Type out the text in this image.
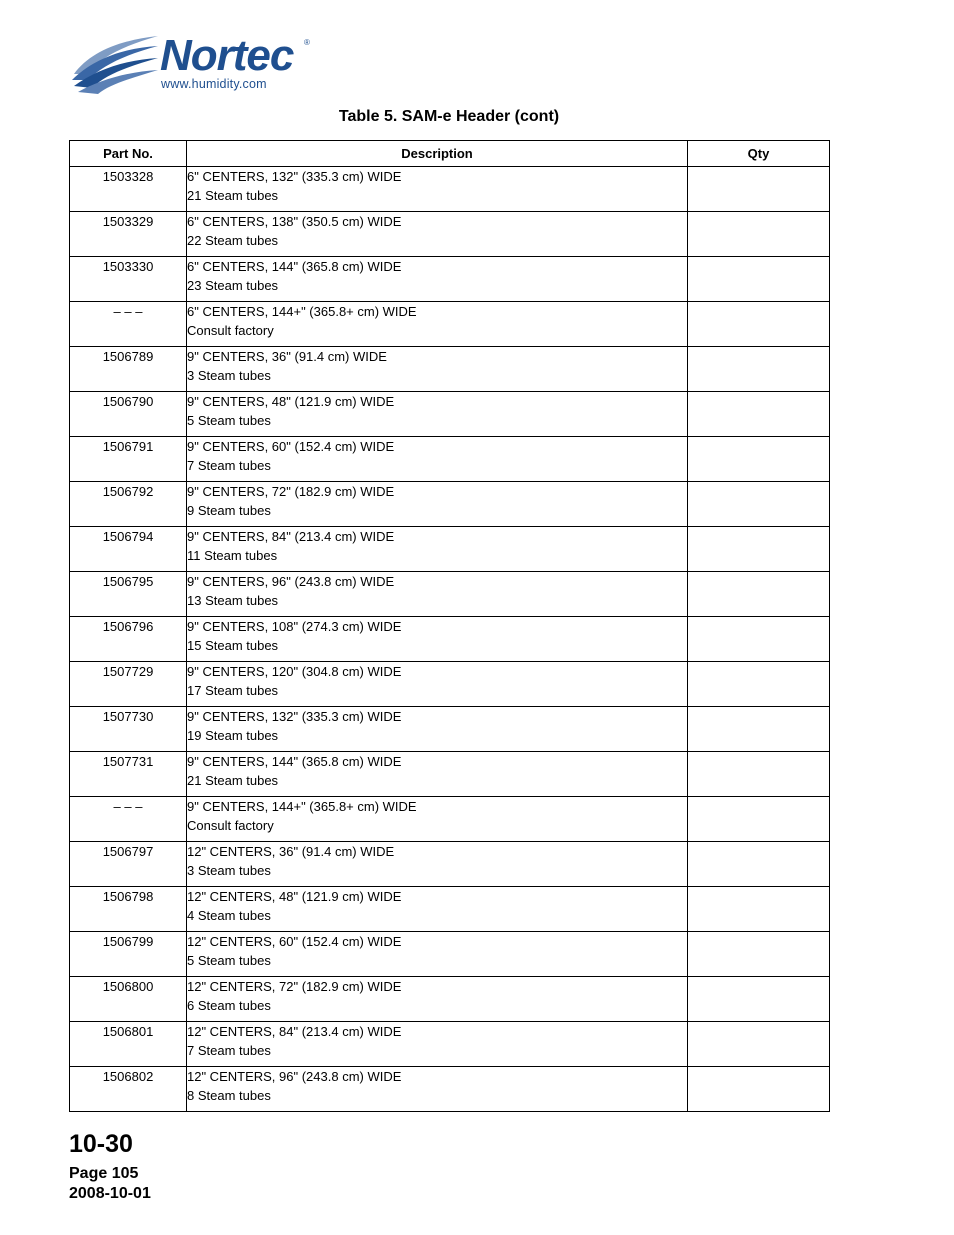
Nortec ®
www.humidity.com
Table 5. SAM-e Header (cont)
Part No.	Description	Qty
1503328	6" CENTERS, 132" (335.3 cm) WIDE
21 Steam tubes	

1503329	6" CENTERS, 138" (350.5 cm) WIDE
22 Steam tubes	

1503330	6" CENTERS, 144" (365.8 cm) WIDE
23 Steam tubes	

– – –	6" CENTERS, 144+" (365.8+ cm) WIDE
Consult factory	

1506789	9" CENTERS, 36" (91.4 cm) WIDE
3 Steam tubes	

1506790	9" CENTERS, 48" (121.9 cm) WIDE
5 Steam tubes	

1506791	9" CENTERS, 60" (152.4 cm) WIDE
7 Steam tubes	

1506792	9" CENTERS, 72" (182.9 cm) WIDE
9 Steam tubes	

1506794	9" CENTERS, 84" (213.4 cm) WIDE
11 Steam tubes	

1506795	9" CENTERS, 96" (243.8 cm) WIDE
13 Steam tubes	

1506796	9" CENTERS, 108" (274.3 cm) WIDE
15 Steam tubes	

1507729	9" CENTERS, 120" (304.8 cm) WIDE
17 Steam tubes	

1507730	9" CENTERS, 132" (335.3 cm) WIDE
19 Steam tubes	

1507731	9" CENTERS, 144" (365.8 cm) WIDE
21 Steam tubes	

– – –	9" CENTERS, 144+" (365.8+ cm) WIDE
Consult factory	

1506797	12" CENTERS, 36" (91.4 cm) WIDE
3 Steam tubes	

1506798	12" CENTERS, 48" (121.9 cm) WIDE
4 Steam tubes	

1506799	12" CENTERS, 60" (152.4 cm) WIDE
5 Steam tubes	

1506800	12" CENTERS, 72" (182.9 cm) WIDE
6 Steam tubes	

1506801	12" CENTERS, 84" (213.4 cm) WIDE
7 Steam tubes	

1506802	12" CENTERS, 96" (243.8 cm) WIDE
8 Steam tubes	

10-30
Page 105
2008-10-01
